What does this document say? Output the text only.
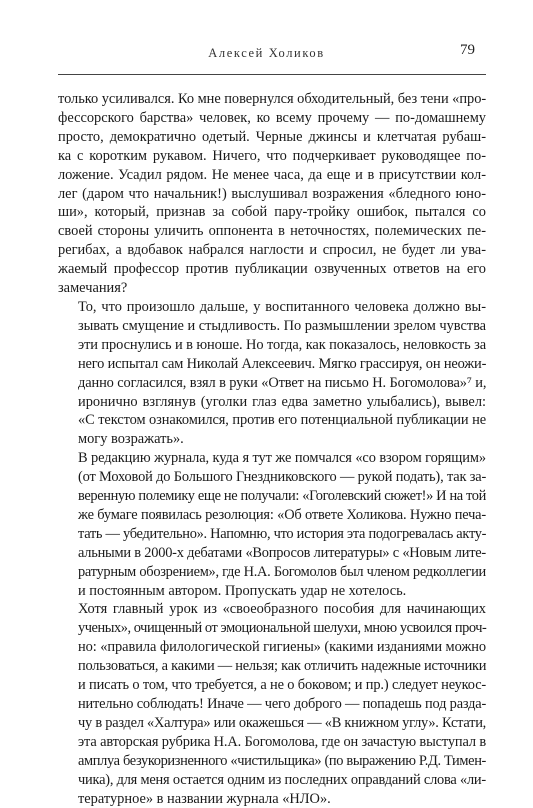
Алексей Холиков	79

только усиливался. Ко мне повернулся обходительный, без тени «про-
фессорского барства» человек, ко всему прочему — по-домашнему
просто, демократично одетый. Черные джинсы и клетчатая рубаш-
ка с коротким рукавом. Ничего, что подчеркивает руководящее по-
ложение. Усадил рядом. Не менее часа, да еще и в присутствии кол-
лег (даром что начальник!) выслушивал возражения «бледного юно-
ши», который, признав за собой пару-тройку ошибок, пытался со
своей стороны уличить оппонента в неточностях, полемических пе-
регибах, а вдобавок набрался наглости и спросил, не будет ли ува-
жаемый профессор против публикации озвученных ответов на его
замечания?

То, что произошло дальше, у воспитанного человека должно вы-
зывать смущение и стыдливость. По размышлении зрелом чувства
эти проснулись и в юноше. Но тогда, как показалось, неловкость за
него испытал сам Николай Алексеевич. Мягко грассируя, он неожи-
данно согласился, взял в руки «Ответ на письмо Н. Богомолова»⁷ и,
иронично взглянув (уголки глаз едва заметно улыбались), вывел:
«С текстом ознакомился, против его потенциальной публикации не
могу возражать».

В редакцию журнала, куда я тут же помчался «со взором горящим»
(от Моховой до Большого Гнездниковского — рукой подать), так за-
веренную полемику еще не получали: «Гоголевский сюжет!» И на той
же бумаге появилась резолюция: «Об ответе Холикова. Нужно печа-
тать — убедительно». Напомню, что история эта подогревалась акту-
альными в 2000-х дебатами «Вопросов литературы» с «Новым лите-
ратурным обозрением», где Н.А. Богомолов был членом редколлегии
и постоянным автором. Пропускать удар не хотелось.

Хотя главный урок из «своеобразного пособия для начинающих
ученых», очищенный от эмоциональной шелухи, мною усвоился проч-
но: «правила филологической гигиены» (какими изданиями можно
пользоваться, а какими — нельзя; как отличить надежные источники
и писать о том, что требуется, а не о боковом; и пр.) следует неукос-
нительно соблюдать! Иначе — чего доброго — попадешь под разда-
чу в раздел «Халтура» или окажешься — «В книжном углу». Кстати,
эта авторская рубрика Н.А. Богомолова, где он зачастую выступал в
амплуа безукоризненного «чистильщика» (по выражению Р.Д. Тимен-
чика), для меня остается одним из последних оправданий слова «ли-
тературное» в названии журнала «НЛО».
